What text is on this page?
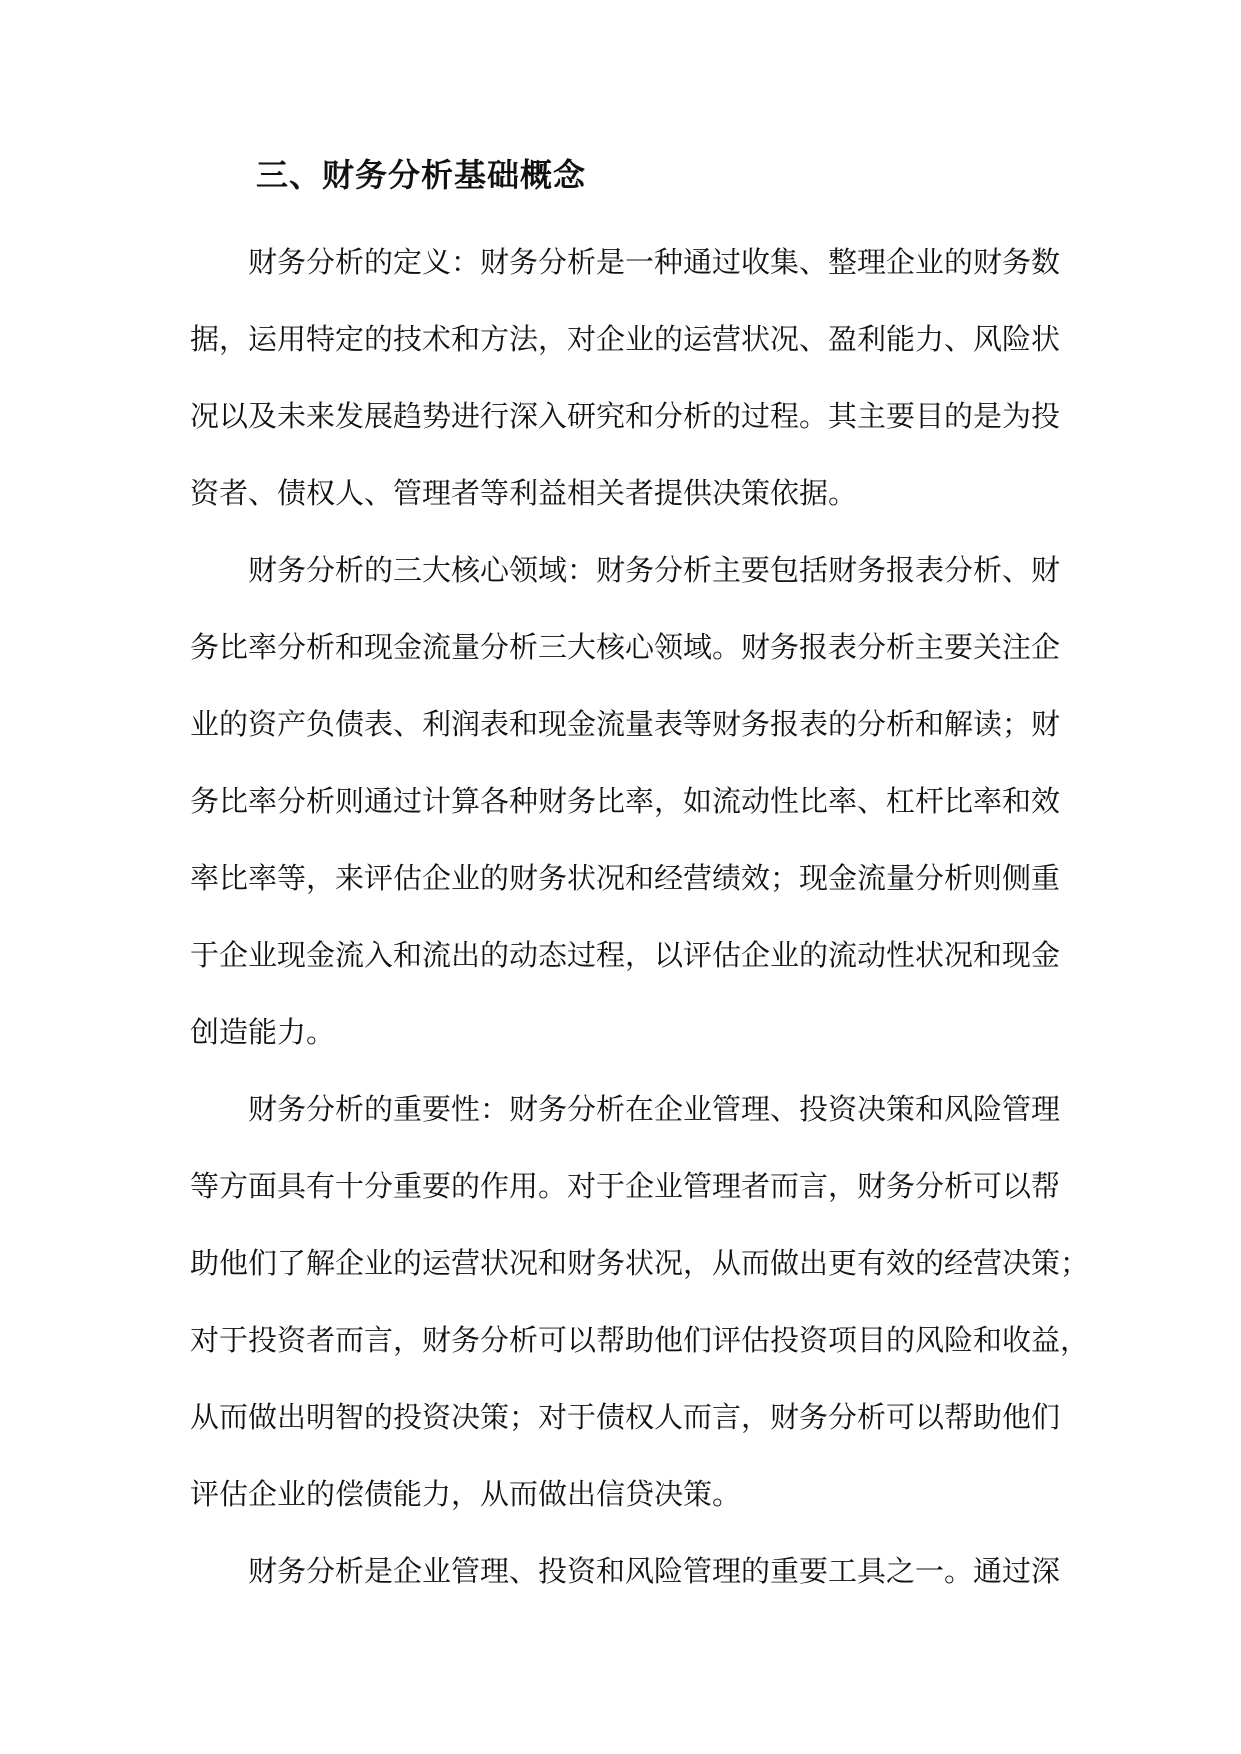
三、财务分析基础概念
财务分析的定义：财务分析是一种通过收集、整理企业的财务数
据，运用特定的技术和方法，对企业的运营状况、盈利能力、风险状
况以及未来发展趋势进行深入研究和分析的过程。其主要目的是为投
资者、债权人、管理者等利益相关者提供决策依据。
财务分析的三大核心领域：财务分析主要包括财务报表分析、财
务比率分析和现金流量分析三大核心领域。财务报表分析主要关注企
业的资产负债表、利润表和现金流量表等财务报表的分析和解读；财
务比率分析则通过计算各种财务比率，如流动性比率、杠杆比率和效
率比率等，来评估企业的财务状况和经营绩效；现金流量分析则侧重
于企业现金流入和流出的动态过程，以评估企业的流动性状况和现金
创造能力。
财务分析的重要性：财务分析在企业管理、投资决策和风险管理
等方面具有十分重要的作用。对于企业管理者而言，财务分析可以帮
助他们了解企业的运营状况和财务状况，从而做出更有效的经营决策；
对于投资者而言，财务分析可以帮助他们评估投资项目的风险和收益，
从而做出明智的投资决策；对于债权人而言，财务分析可以帮助他们
评估企业的偿债能力，从而做出信贷决策。
财务分析是企业管理、投资和风险管理的重要工具之一。通过深
